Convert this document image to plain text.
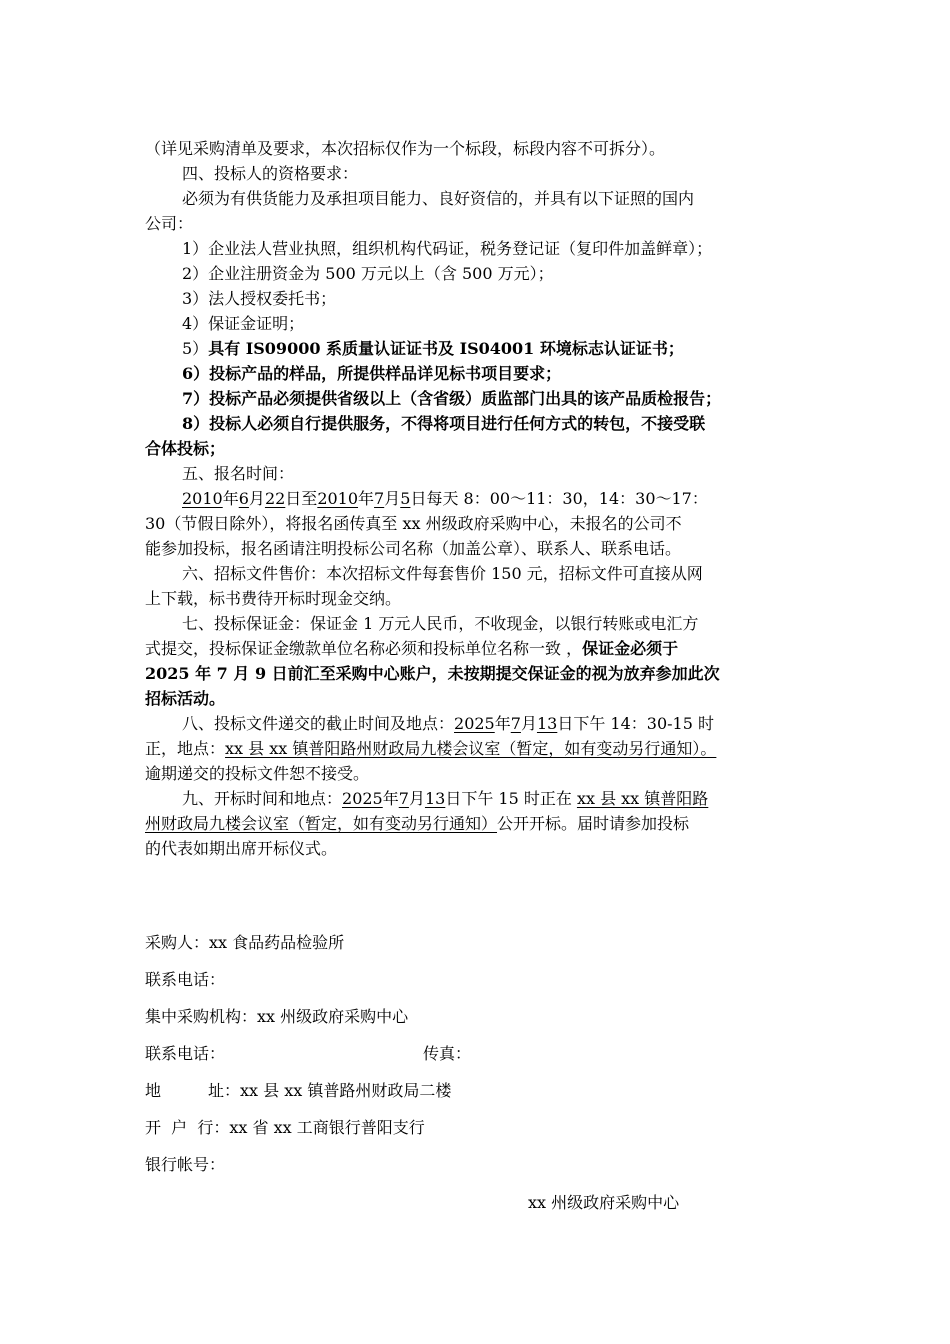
（详见采购清单及要求，本次招标仅作为一个标段，标段内容不可拆分）。

四、投标人的资格要求：

必须为有供货能力及承担项目能力、良好资信的，并具有以下证照的国内

公司：

1）企业法人营业执照，组织机构代码证，税务登记证（复印件加盖鲜章）；

2）企业注册资金为 500 万元以上（含 500 万元）；

3）法人授权委托书；

4）保证金证明；

5）具有 IS09000 系质量认证证书及 IS04001 环境标志认证证书；

6）投标产品的样品，所提供样品详见标书项目要求；

7）投标产品必须提供省级以上（含省级）质监部门出具的该产品质检报告；

8）投标人必须自行提供服务，不得将项目进行任何方式的转包，不接受联

合体投标；

五、报名时间：

2010年6月22日至2010年7月5日每天 8：00～11：30，14：30～17：

30（节假日除外），将报名函传真至 xx 州级政府采购中心，未报名的公司不

能参加投标，报名函请注明投标公司名称（加盖公章）、联系人、联系电话。

六、招标文件售价：本次招标文件每套售价 150 元，招标文件可直接从网

上下载，标书费待开标时现金交纳。

七、投标保证金：保证金 1 万元人民币，不收现金，以银行转账或电汇方

式提交，投标保证金缴款单位名称必须和投标单位名称一致 ，保证金必须于

2025 年 7 月 9 日前汇至采购中心账户，未按期提交保证金的视为放弃参加此次

招标活动。

八、投标文件递交的截止时间及地点：2025年7月13日下午 14：30-15 时

正，地点：xx 县 xx 镇普阳路州财政局九楼会议室（暂定，如有变动另行通知）。

逾期递交的投标文件恕不接受。

九、开标时间和地点：2025年7月13日下午 15 时正在 xx 县 xx 镇普阳路

州财政局九楼会议室（暂定，如有变动另行通知）公开开标。届时请参加投标

的代表如期出席开标仪式。

采购人：xx 食品药品检验所

联系电话：

集中采购机构：xx 州级政府采购中心

联系电话：	传真：

地	址：xx 县 xx 镇普路州财政局二楼

开  户  行：xx 省 xx 工商银行普阳支行

银行帐号：

xx 州级政府采购中心
